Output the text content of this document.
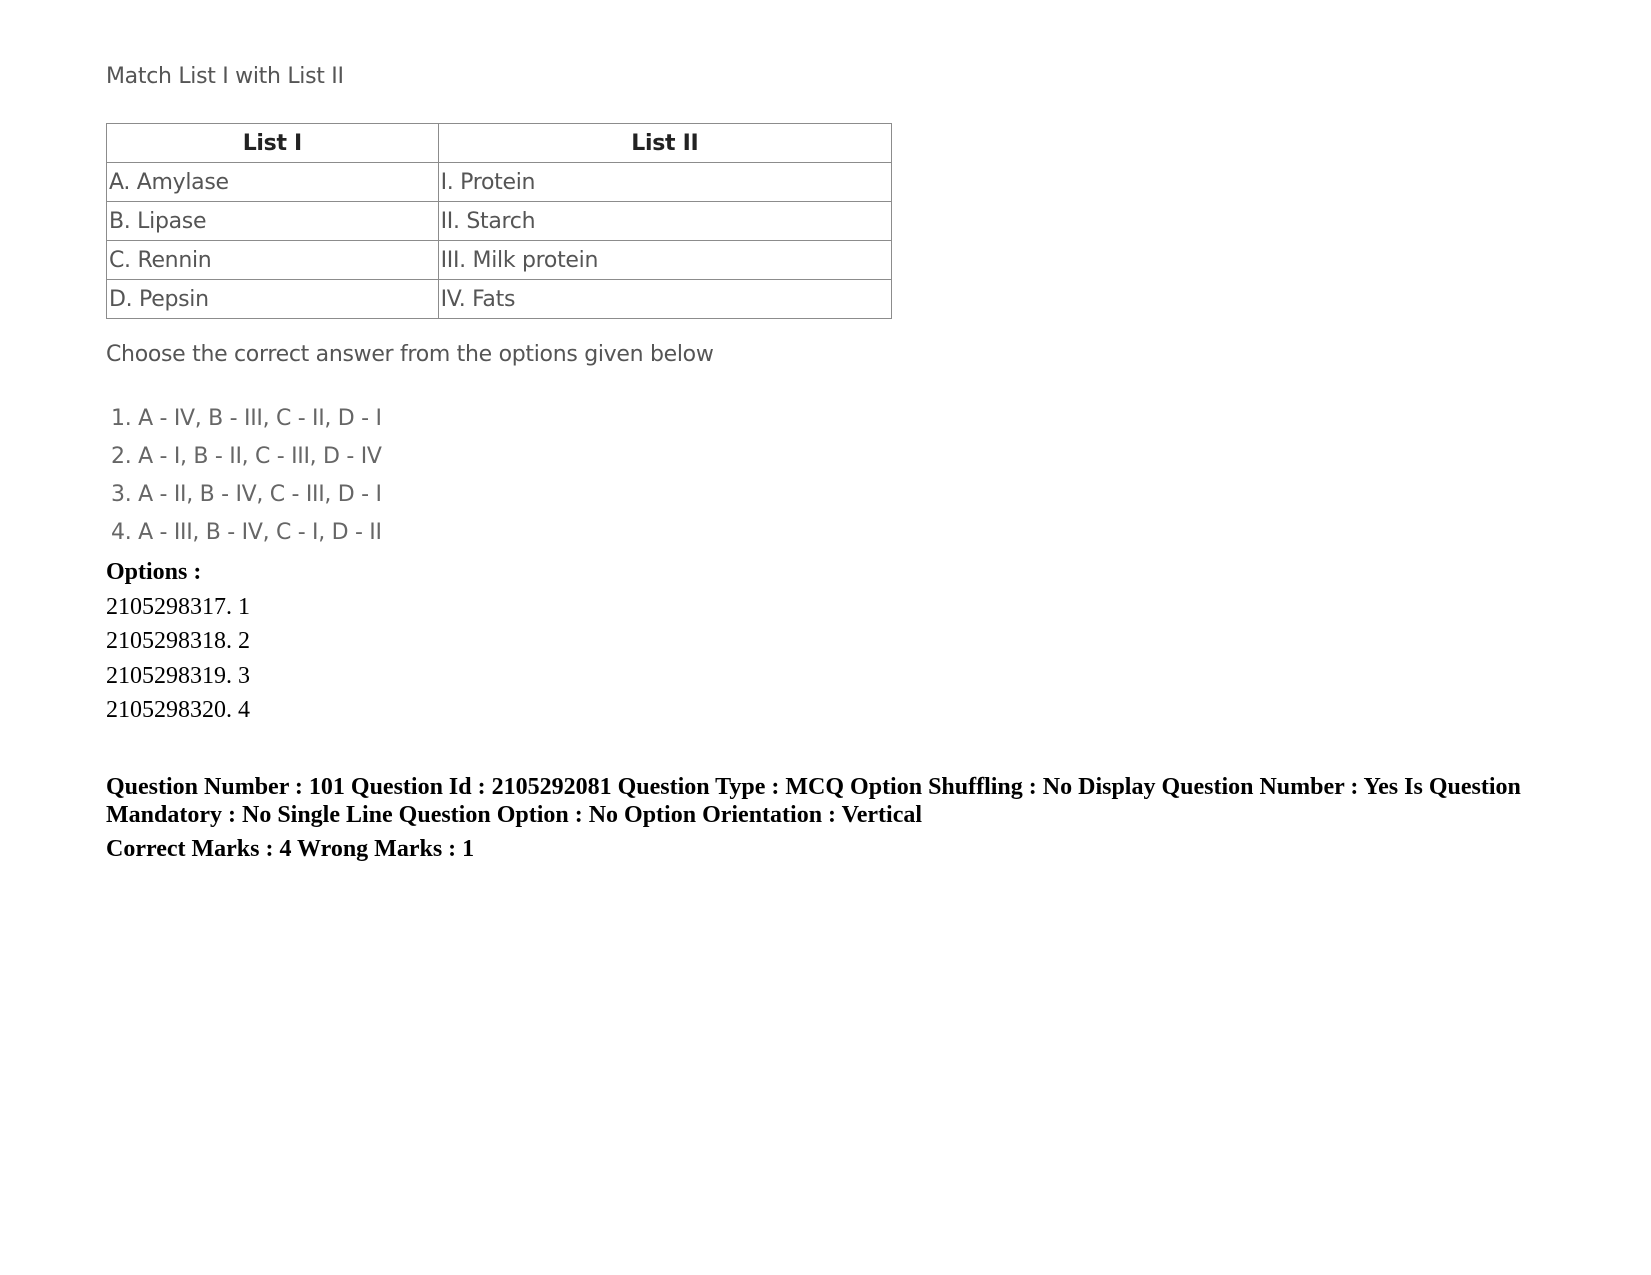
Match List I with List II
List I	List II
A. Amylase	I. Protein
B. Lipase	II. Starch
C. Rennin	III. Milk protein
D. Pepsin	IV. Fats
Choose the correct answer from the options given below
1. A - IV, B - III, C - II, D - I
2. A - I, B - II, C - III, D - IV
3. A - II, B - IV, C - III, D - I
4. A - III, B - IV, C - I, D - II
Options :
2105298317. 1
2105298318. 2
2105298319. 3
2105298320. 4
Question Number : 101 Question Id : 2105292081 Question Type : MCQ Option Shuffling : No Display Question Number : Yes Is Question Mandatory : No Single Line Question Option : No Option Orientation : Vertical
Correct Marks : 4 Wrong Marks : 1
